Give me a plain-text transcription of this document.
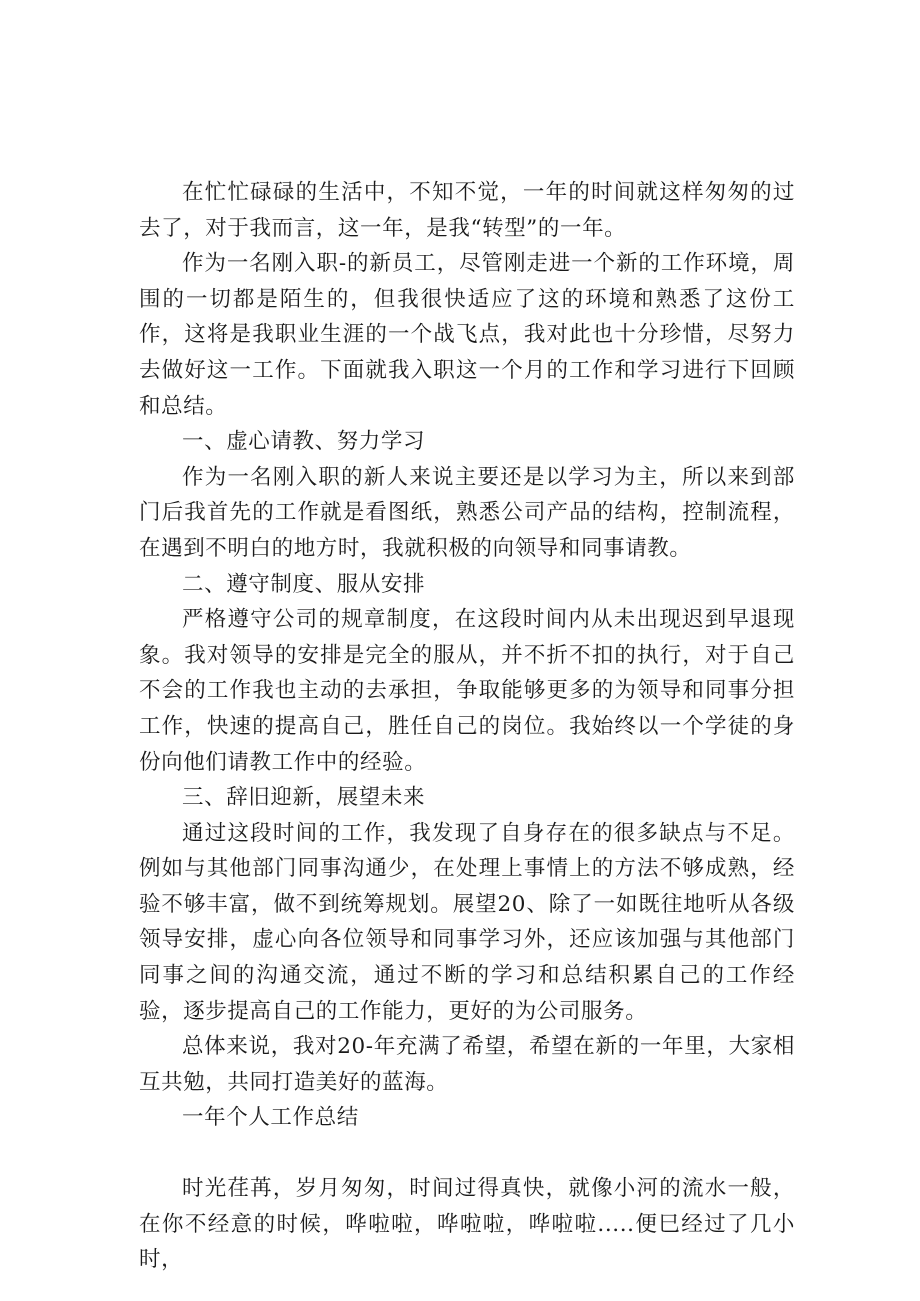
在忙忙碌碌的生活中，不知不觉，一年的时间就这样匆匆的过去了，对于我而言，这一年，是我“转型”的一年。

作为一名刚入职-的新员工，尽管刚走进一个新的工作环境，周围的一切都是陌生的，但我很快适应了这的环境和熟悉了这份工作，这将是我职业生涯的一个战飞点，我对此也十分珍惜，尽努力去做好这一工作。下面就我入职这一个月的工作和学习进行下回顾和总结。

一、虚心请教、努力学习

作为一名刚入职的新人来说主要还是以学习为主，所以来到部门后我首先的工作就是看图纸，熟悉公司产品的结构，控制流程，在遇到不明白的地方时，我就积极的向领导和同事请教。

二、遵守制度、服从安排

严格遵守公司的规章制度，在这段时间内从未出现迟到早退现象。我对领导的安排是完全的服从，并不折不扣的执行，对于自己不会的工作我也主动的去承担，争取能够更多的为领导和同事分担工作，快速的提高自己，胜任自己的岗位。我始终以一个学徒的身份向他们请教工作中的经验。

三、辞旧迎新，展望未来

通过这段时间的工作，我发现了自身存在的很多缺点与不足。例如与其他部门同事沟通少，在处理上事情上的方法不够成熟，经验不够丰富，做不到统筹规划。展望20、除了一如既往地听从各级领导安排，虚心向各位领导和同事学习外，还应该加强与其他部门同事之间的沟通交流，通过不断的学习和总结积累自己的工作经验，逐步提高自己的工作能力，更好的为公司服务。

总体来说，我对20-年充满了希望，希望在新的一年里，大家相互共勉，共同打造美好的蓝海。

一年个人工作总结

时光荏苒，岁月匆匆，时间过得真快，就像小河的流水一般，在你不经意的时候，哗啦啦，哗啦啦，哗啦啦.....便巳经过了几小时，
